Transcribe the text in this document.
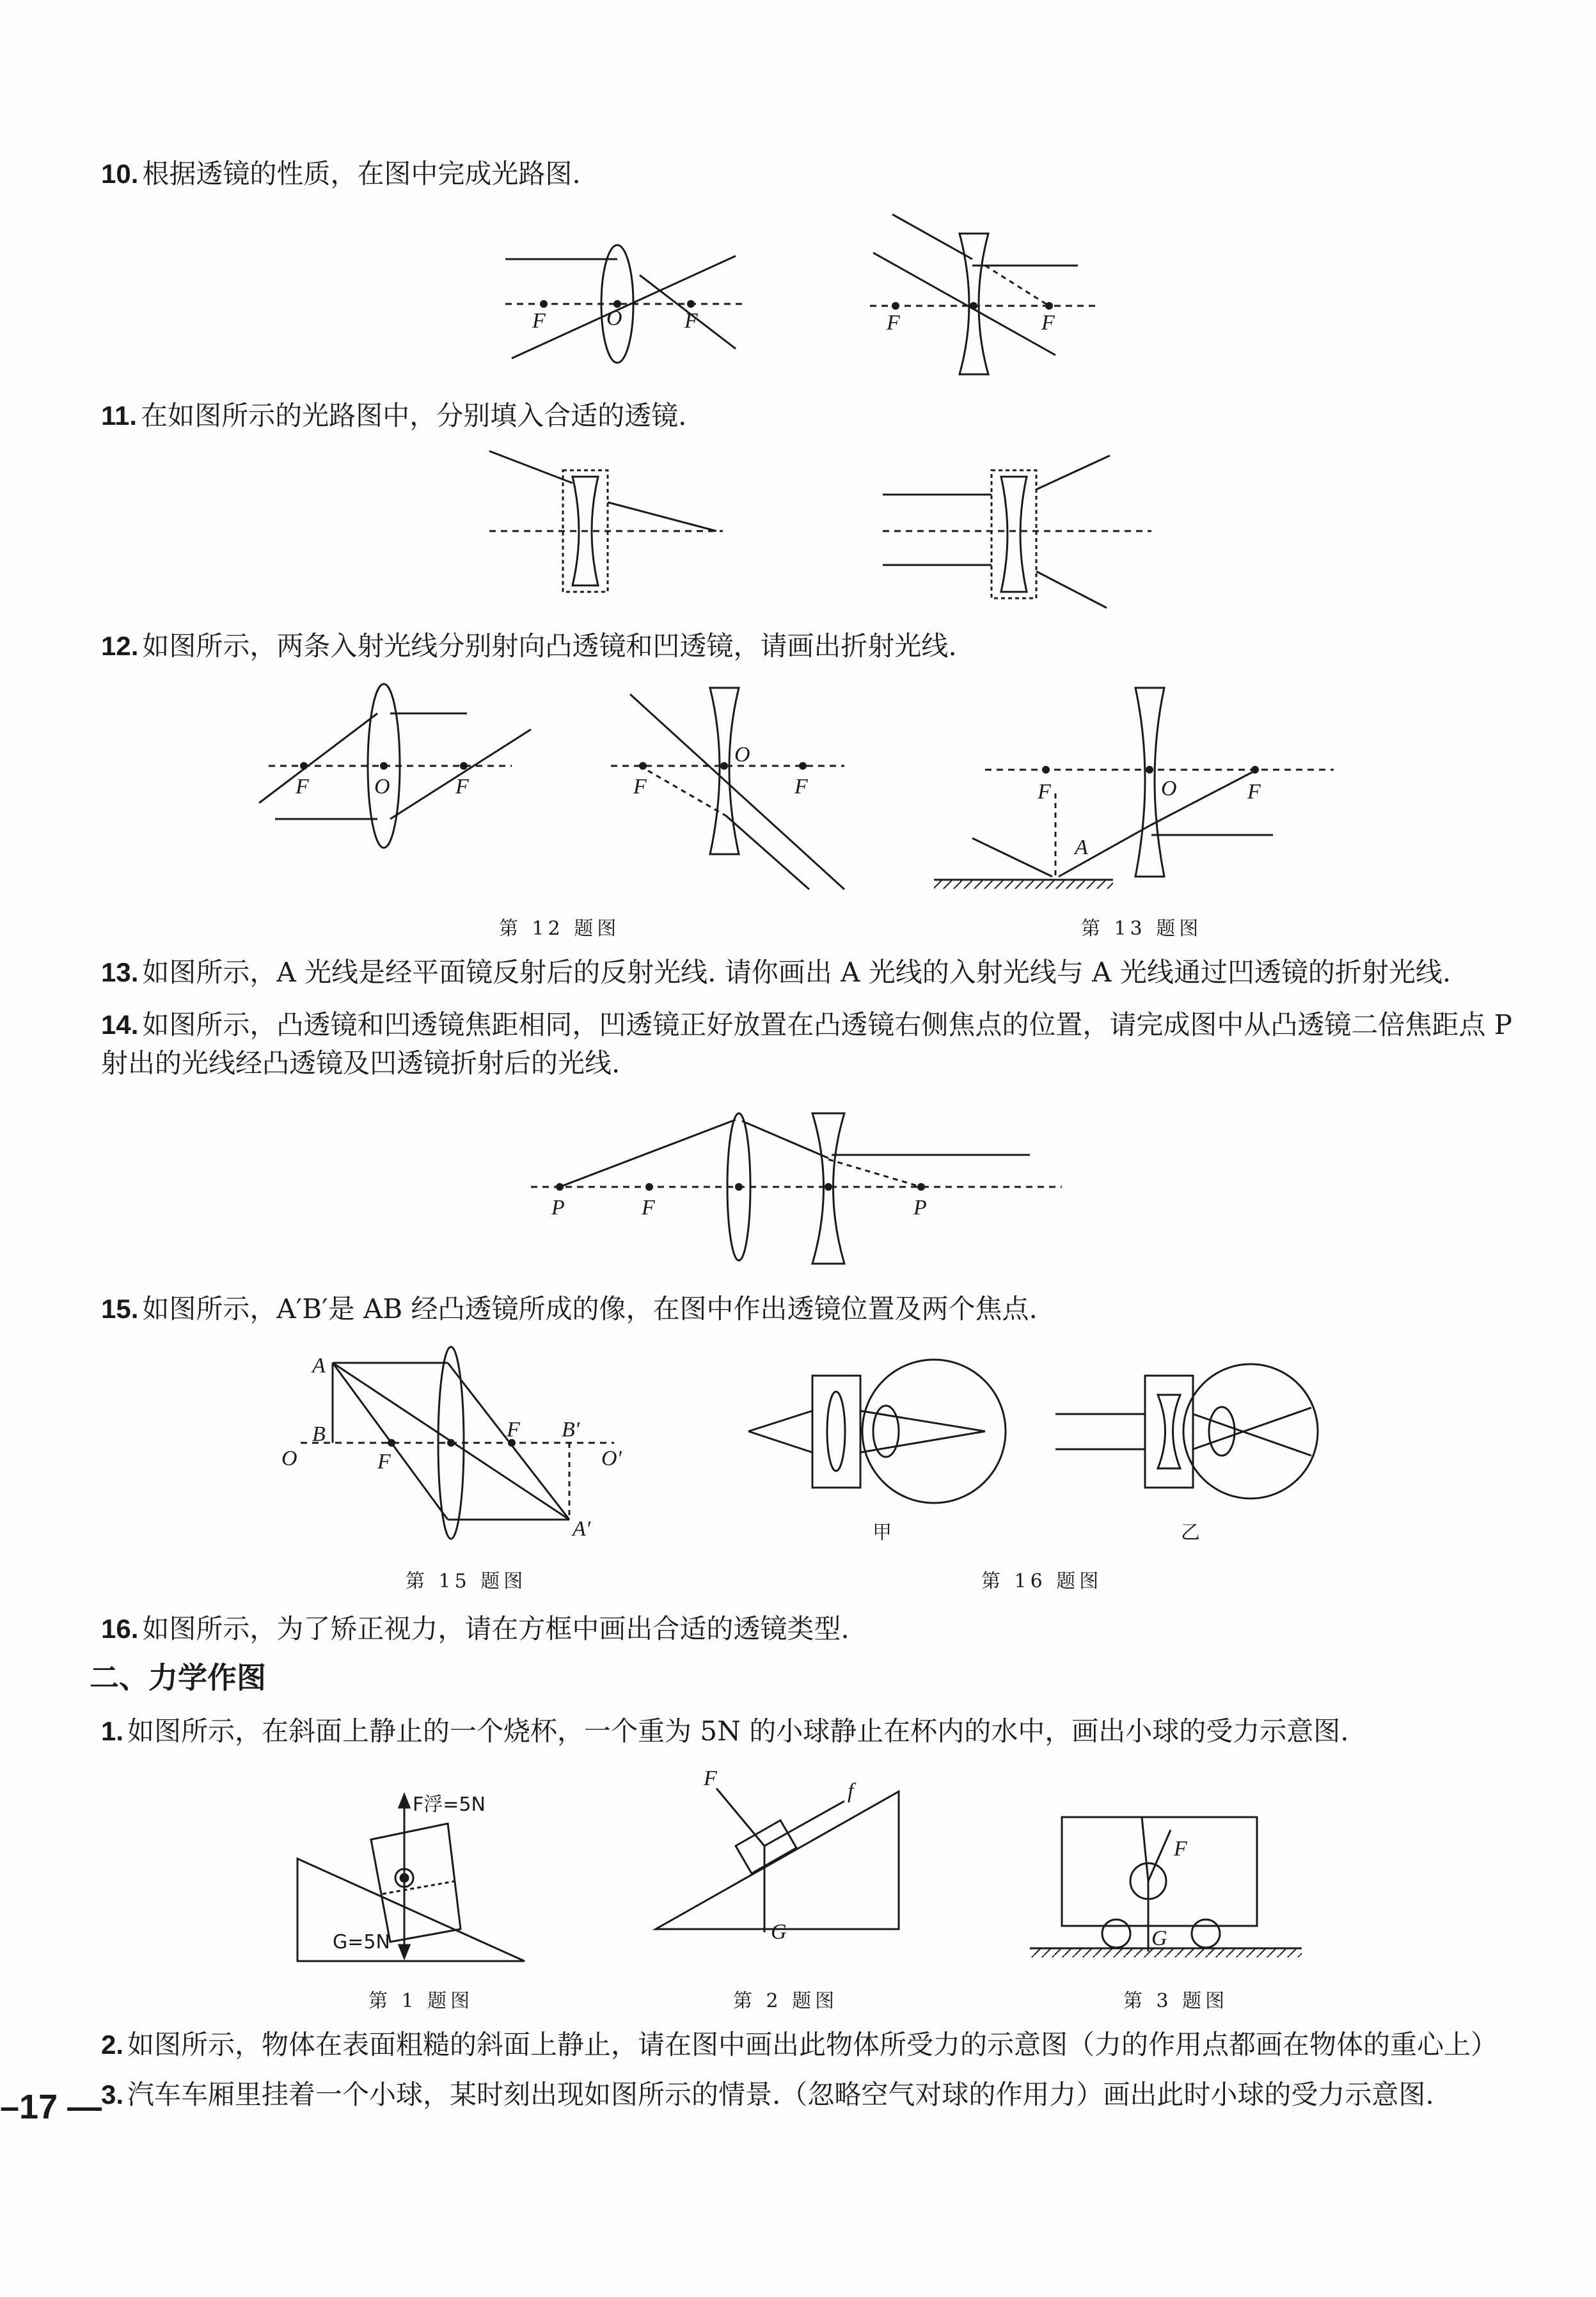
10. 根据透镜的性质，在图中完成光路图.
11. 在如图所示的光路图中，分别填入合适的透镜.
12. 如图所示，两条入射光线分别射向凸透镜和凹透镜，请画出折射光线.
13. 如图所示，A 光线是经平面镜反射后的反射光线. 请你画出 A 光线的入射光线与 A 光线通过凹透镜的折射光线.
14. 如图所示，凸透镜和凹透镜焦距相同，凹透镜正好放置在凸透镜右侧焦点的位置，请完成图中从凸透镜二倍焦距点 P 射出的光线经凸透镜及凹透镜折射后的光线.
15. 如图所示，A′B′是 AB 经凸透镜所成的像，在图中作出透镜位置及两个焦点.
16. 如图所示，为了矫正视力，请在方框中画出合适的透镜类型.
二、力学作图
1. 如图所示，在斜面上静止的一个烧杯，一个重为 5N 的小球静止在杯内的水中，画出小球的受力示意图.
2. 如图所示，物体在表面粗糙的斜面上静止，请在图中画出此物体所受力的示意图（力的作用点都画在物体的重心上）
3. 汽车车厢里挂着一个小球，某时刻出现如图所示的情景.（忽略空气对球的作用力）画出此时小球的受力示意图.
第 12 题图	第 13 题图
第 15 题图	第 16 题图
甲	乙
第 1 题图	第 2 题图	第 3 题图
–17 —
F	O	F	F	F
F	O	F	F
O
F	F	O	F
A
P	F	P
A
B
O	F
F B′
O′
A′
F浮=5N
G=5N
F
f
G
F
G
